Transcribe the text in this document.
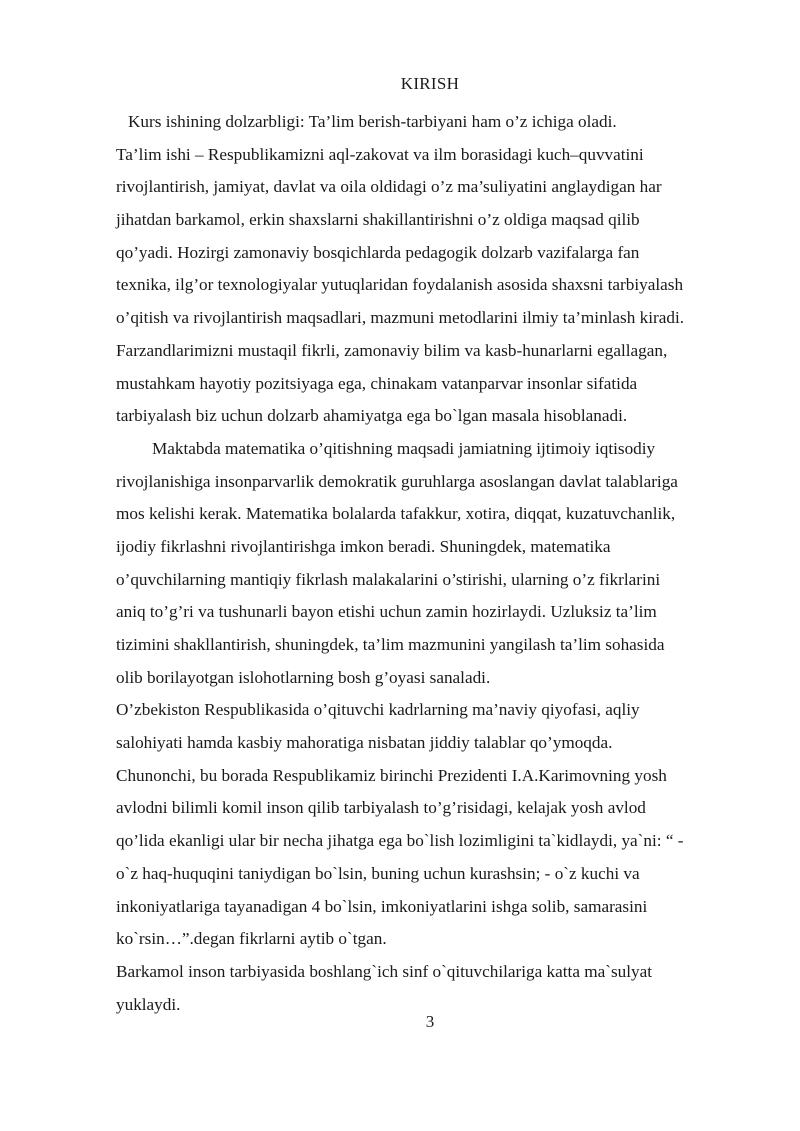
KIRISH
Kurs ishining dolzarbligi: Ta’lim berish-tarbiyani ham o’z ichiga oladi.
Ta’lim ishi – Respublikamizni aql-zakovat va ilm borasidagi kuch–quvvatini
rivojlantirish, jamiyat, davlat va oila oldidagi o’z ma’suliyatini anglaydigan har
jihatdan barkamol, erkin shaxslarni shakillantirishni o’z oldiga maqsad qilib
qo’yadi. Hozirgi zamonaviy bosqichlarda pedagogik dolzarb vazifalarga fan
texnika, ilg’or texnologiyalar yutuqlaridan foydalanish asosida shaxsni tarbiyalash
o’qitish va rivojlantirish maqsadlari, mazmuni metodlarini ilmiy ta’minlash kiradi.
Farzandlarimizni mustaqil fikrli, zamonaviy bilim va kasb-hunarlarni egallagan,
mustahkam hayotiy pozitsiyaga ega, chinakam vatanparvar insonlar sifatida
tarbiyalash biz uchun dolzarb ahamiyatga ega bo`lgan masala hisoblanadi.
Maktabda matematika o’qitishning maqsadi jamiatning ijtimoiy iqtisodiy
rivojlanishiga insonparvarlik demokratik guruhlarga asoslangan davlat talablariga
mos kelishi kerak. Matematika bolalarda tafakkur, xotira, diqqat, kuzatuvchanlik,
ijodiy fikrlashni rivojlantirishga imkon beradi. Shuningdek, matematika
o’quvchilarning mantiqiy fikrlash malakalarini o’stirishi, ularning o’z fikrlarini
aniq to’g’ri va tushunarli bayon etishi uchun zamin hozirlaydi. Uzluksiz ta’lim
tizimini shakllantirish, shuningdek, ta’lim mazmunini yangilash ta’lim sohasida
olib borilayotgan islohotlarning bosh g’oyasi sanaladi.
O’zbekiston Respublikasida o’qituvchi kadrlarning ma’naviy qiyofasi, aqliy
salohiyati hamda kasbiy mahoratiga nisbatan jiddiy talablar qo’ymoqda.
Chunonchi, bu borada Respublikamiz birinchi Prezidenti I.A.Karimovning yosh
avlodni bilimli komil inson qilib tarbiyalash to’g’risidagi, kelajak yosh avlod
qo’lida ekanligi ular bir necha jihatga ega bo`lish lozimligini ta`kidlaydi, ya`ni: “ -
o`z haq-huquqini taniydigan bo`lsin, buning uchun kurashsin; - o`z kuchi va
inkoniyatlariga tayanadigan 4 bo`lsin, imkoniyatlarini ishga solib, samarasini
ko`rsin…”.degan fikrlarni aytib o`tgan.
Barkamol inson tarbiyasida boshlang`ich sinf o`qituvchilariga katta ma`sulyat
yuklaydi.
3
